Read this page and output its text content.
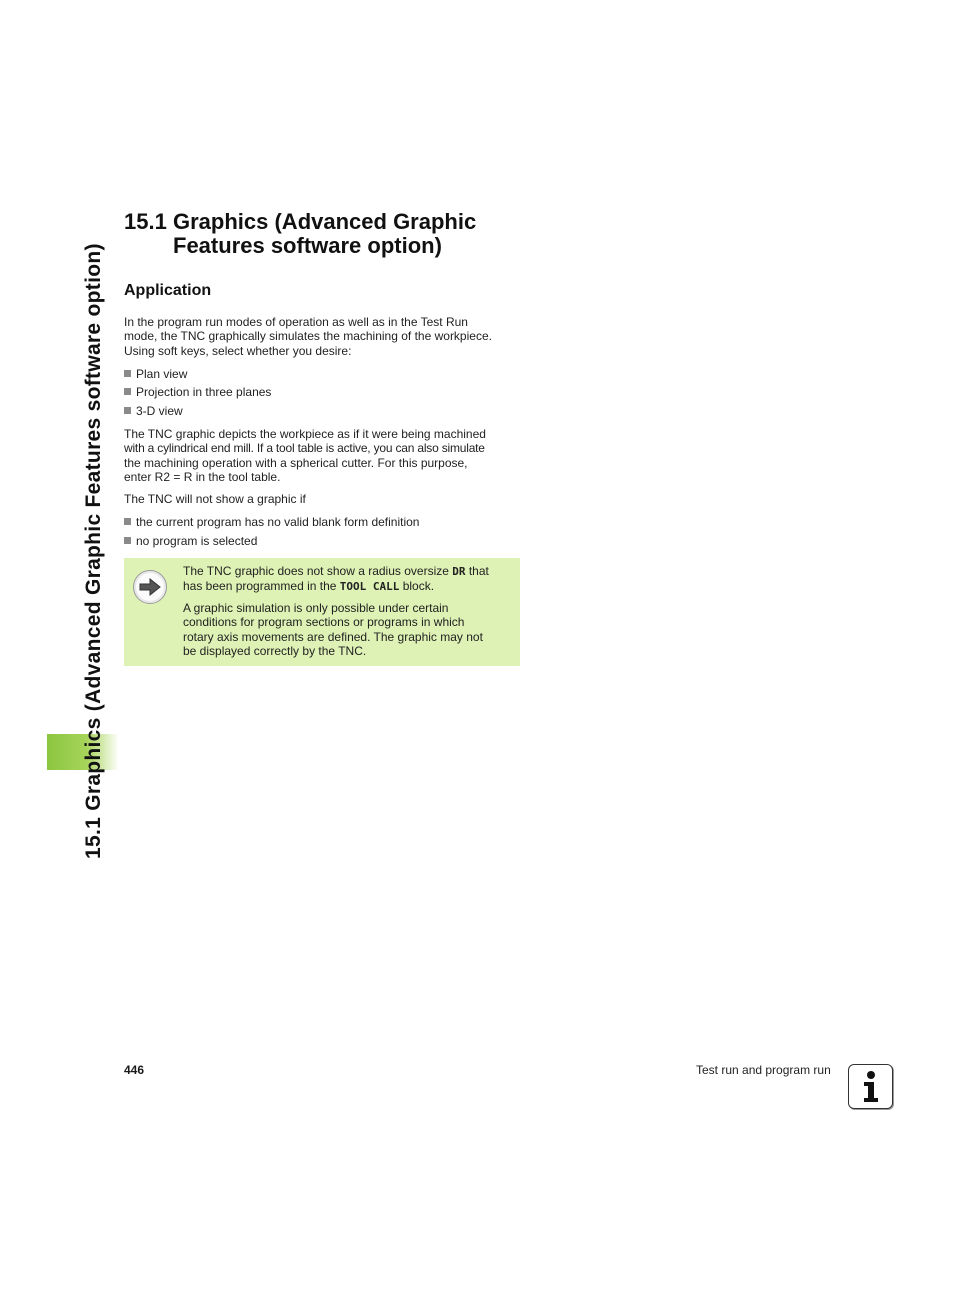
15.1 Graphics (Advanced Graphic Features software option)
15.1 Graphics (Advanced Graphic
Features software option)
Application
In the program run modes of operation as well as in the Test Run
mode, the TNC graphically simulates the machining of the workpiece.
Using soft keys, select whether you desire:
Plan view
Projection in three planes
3-D view
The TNC graphic depicts the workpiece as if it were being machined
with a cylindrical end mill. If a tool table is active, you can also simulate
the machining operation with a spherical cutter. For this purpose,
enter R2 = R in the tool table.
The TNC will not show a graphic if
the current program has no valid blank form definition
no program is selected
The TNC graphic does not show a radius oversize DR that
has been programmed in the TOOL CALL block.
A graphic simulation is only possible under certain
conditions for program sections or programs in which
rotary axis movements are defined. The graphic may not
be displayed correctly by the TNC.
446	Test run and program run
